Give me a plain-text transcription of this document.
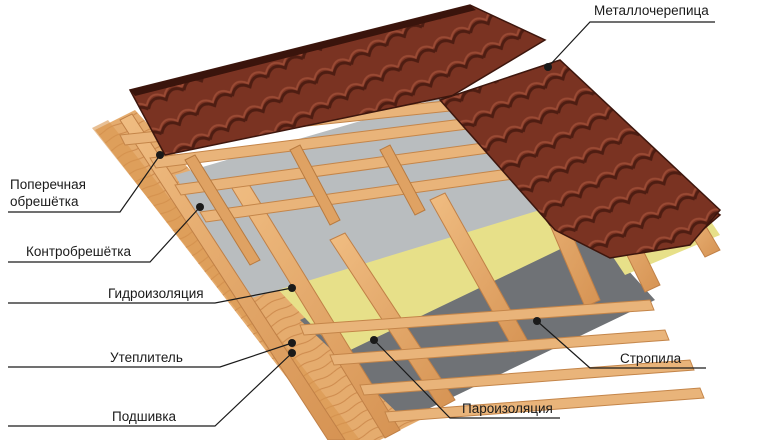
Металлочерепица
Поперечная
обрешётка
Контробрешётка
Гидроизоляция
Утеплитель
Подшивка
Стропила
Пароизоляция
